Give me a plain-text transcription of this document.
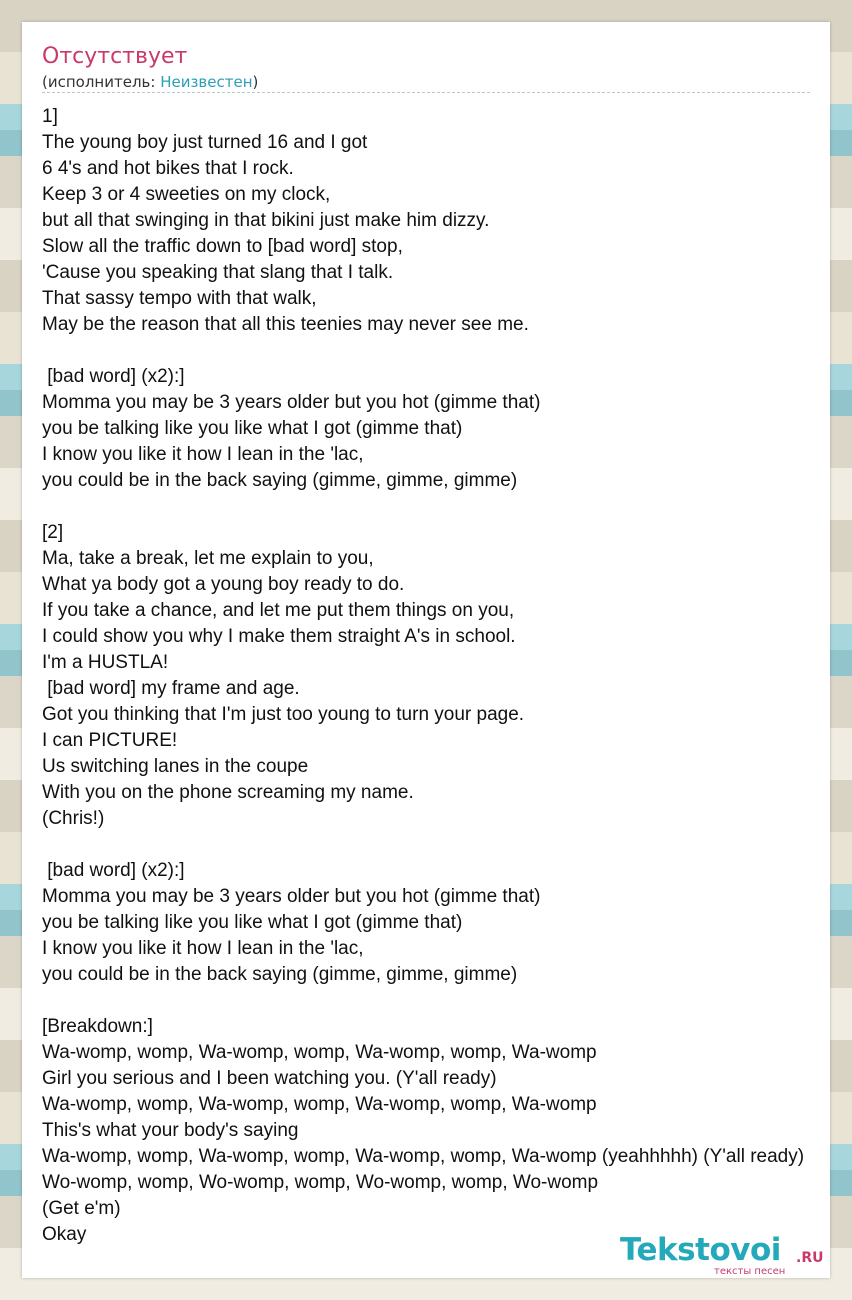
Отсутствует
(исполнитель: Неизвестен)
1]
The young boy just turned 16 and I got
6 4's and hot bikes that I rock.
Keep 3 or 4 sweeties on my clock,
but all that swinging in that bikini just make him dizzy.
Slow all the traffic down to [bad word] stop,
'Cause you speaking that slang that I talk.
That sassy tempo with that walk,
May be the reason that all this teenies may never see me.

[bad word] (x2):]
Momma you may be 3 years older but you hot (gimme that)
you be talking like you like what I got (gimme that)
I know you like it how I lean in the 'lac,
you could be in the back saying (gimme, gimme, gimme)

[2]
Ma, take a break, let me explain to you,
What ya body got a young boy ready to do.
If you take a chance, and let me put them things on you,
I could show you why I make them straight A's in school.
I'm a HUSTLA!
[bad word] my frame and age.
Got you thinking that I'm just too young to turn your page.
I can PICTURE!
Us switching lanes in the coupe
With you on the phone screaming my name.
(Chris!)

[bad word] (x2):]
Momma you may be 3 years older but you hot (gimme that)
you be talking like you like what I got (gimme that)
I know you like it how I lean in the 'lac,
you could be in the back saying (gimme, gimme, gimme)

[Breakdown:]
Wa-womp, womp, Wa-womp, womp, Wa-womp, womp, Wa-womp
Girl you serious and I been watching you. (Y'all ready)
Wa-womp, womp, Wa-womp, womp, Wa-womp, womp, Wa-womp
This's what your body's saying
Wa-womp, womp, Wa-womp, womp, Wa-womp, womp, Wa-womp (yeahhhhh) (Y'all ready)
Wo-womp, womp, Wo-womp, womp, Wo-womp, womp, Wo-womp
(Get e'm)
Okay	Tekstovoi .RU
тексты песен
